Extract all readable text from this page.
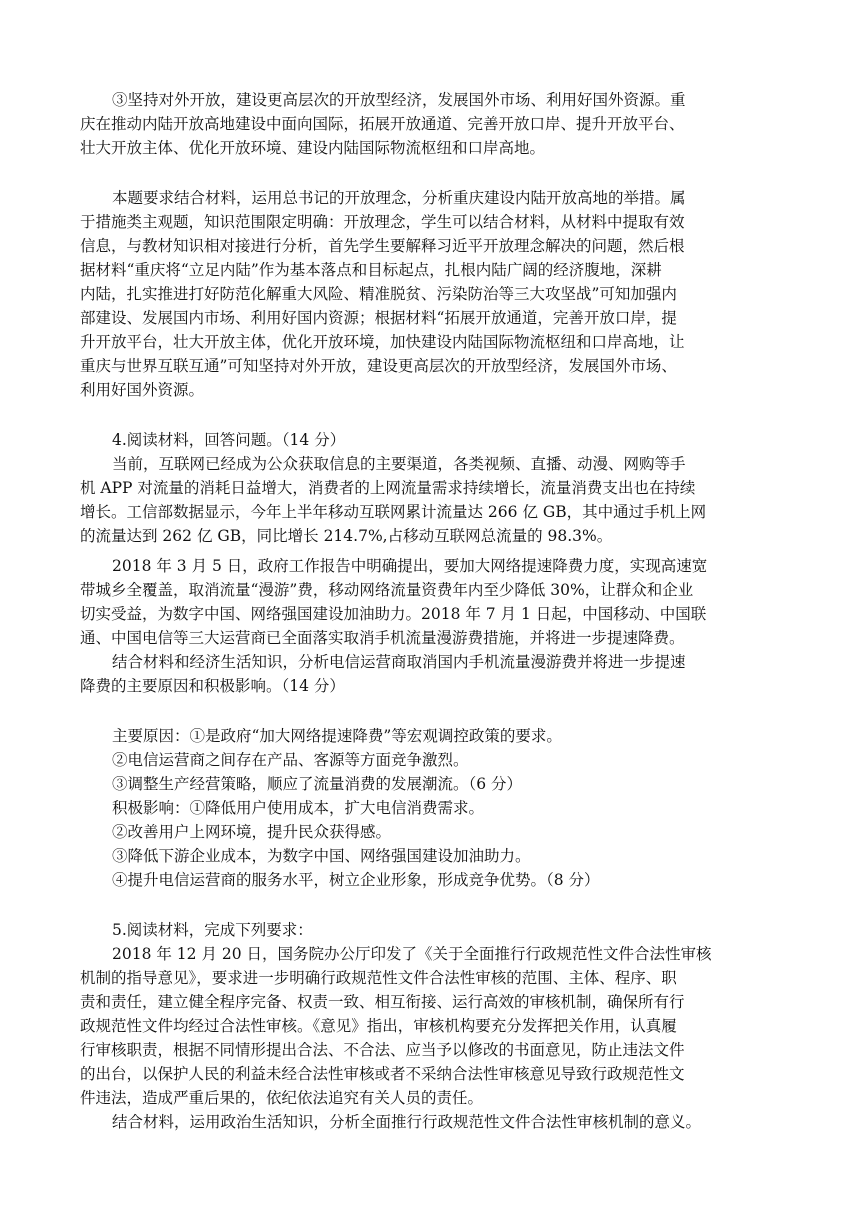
③坚持对外开放，建设更高层次的开放型经济，发展国外市场、利用好国外资源。重
庆在推动内陆开放高地建设中面向国际，拓展开放通道、完善开放口岸、提升开放平台、
壮大开放主体、优化开放环境、建设内陆国际物流枢纽和口岸高地。
本题要求结合材料，运用总书记的开放理念，分析重庆建设内陆开放高地的举措。属
于措施类主观题，知识范围限定明确：开放理念，学生可以结合材料，从材料中提取有效
信息，与教材知识相对接进行分析，首先学生要解释习近平开放理念解决的问题，然后根
据材料“重庆将“立足内陆”作为基本落点和目标起点，扎根内陆广阔的经济腹地，深耕
内陆，扎实推进打好防范化解重大风险、精准脱贫、污染防治等三大攻坚战”可知加强内
部建设、发展国内市场、利用好国内资源；根据材料“拓展开放通道，完善开放口岸，提
升开放平台，壮大开放主体，优化开放环境，加快建设内陆国际物流枢纽和口岸高地，让
重庆与世界互联互通”可知坚持对外开放，建设更高层次的开放型经济，发展国外市场、
利用好国外资源。
4.阅读材料，回答问题。（14 分）
当前，互联网已经成为公众获取信息的主要渠道，各类视频、直播、动漫、网购等手
机 APP 对流量的消耗日益增大，消费者的上网流量需求持续增长，流量消费支出也在持续
增长。工信部数据显示，今年上半年移动互联网累计流量达 266 亿 GB，其中通过手机上网
的流量达到 262 亿 GB，同比增长 214.7%,占移动互联网总流量的 98.3%。
2018 年 3 月 5 日，政府工作报告中明确提出，要加大网络提速降费力度，实现高速宽
带城乡全覆盖，取消流量“漫游”费，移动网络流量资费年内至少降低 30%，让群众和企业
切实受益，为数字中国、网络强国建设加油助力。2018 年 7 月 1 日起，中国移动、中国联
通、中国电信等三大运营商已全面落实取消手机流量漫游费措施，并将进一步提速降费。
结合材料和经济生活知识，分析电信运营商取消国内手机流量漫游费并将进一步提速
降费的主要原因和积极影响。（14 分）
主要原因：①是政府“加大网络提速降费”等宏观调控政策的要求。
②电信运营商之间存在产品、客源等方面竞争激烈。
③调整生产经营策略，顺应了流量消费的发展潮流。（6 分）
积极影响：①降低用户使用成本，扩大电信消费需求。
②改善用户上网环境，提升民众获得感。
③降低下游企业成本，为数字中国、网络强国建设加油助力。
④提升电信运营商的服务水平，树立企业形象，形成竞争优势。（8 分）
5.阅读材料，完成下列要求：
2018 年 12 月 20 日，国务院办公厅印发了《关于全面推行行政规范性文件合法性审核
机制的指导意见》，要求进一步明确行政规范性文件合法性审核的范围、主体、程序、职
责和责任，建立健全程序完备、权责一致、相互衔接、运行高效的审核机制，确保所有行
政规范性文件均经过合法性审核。《意见》指出，审核机构要充分发挥把关作用，认真履
行审核职责，根据不同情形提出合法、不合法、应当予以修改的书面意见，防止违法文件
的出台，以保护人民的利益未经合法性审核或者不采纳合法性审核意见导致行政规范性文
件违法，造成严重后果的，依纪依法追究有关人员的责任。
结合材料，运用政治生活知识，分析全面推行行政规范性文件合法性审核机制的意义。
